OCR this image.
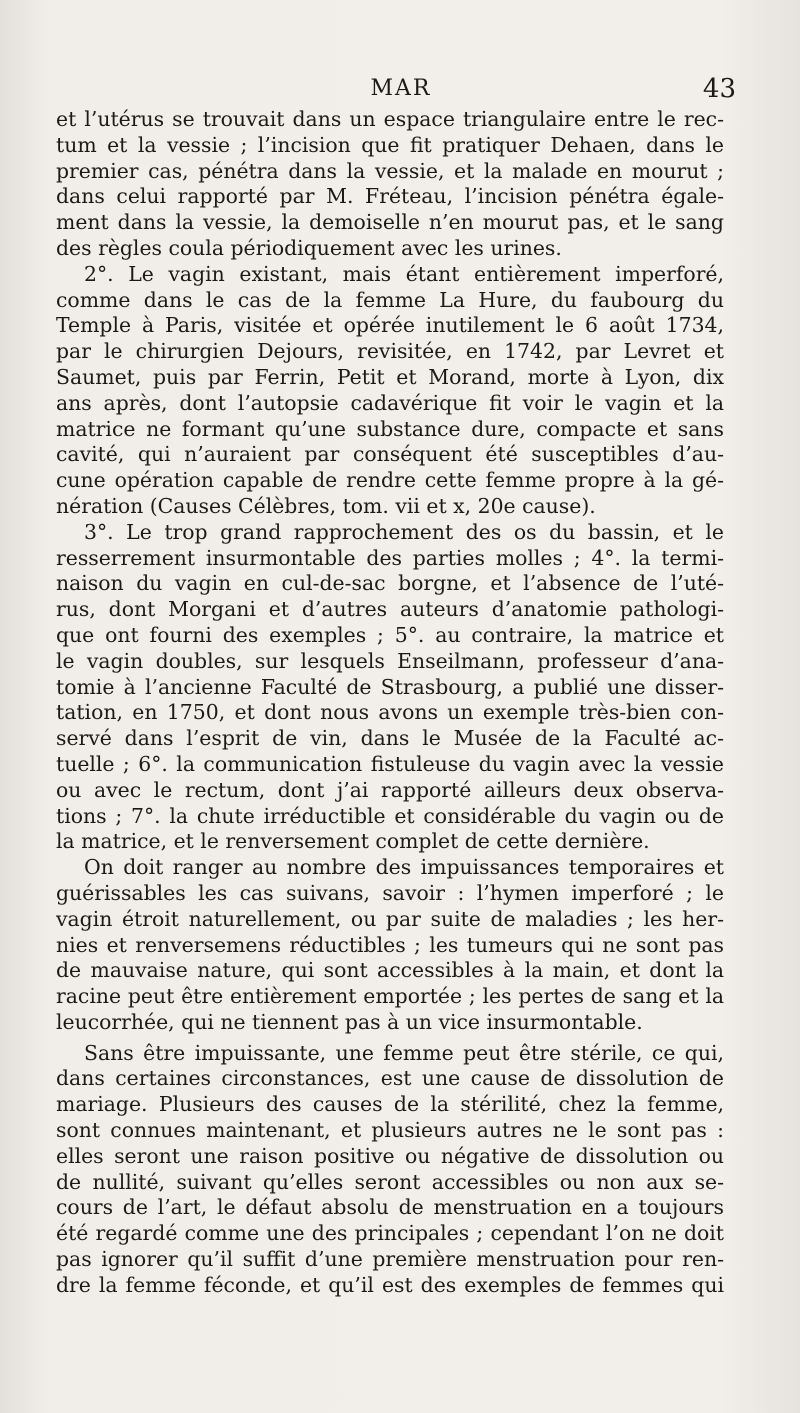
MAR	43
et l’utérus se trouvait dans un espace triangulaire entre le rec-
tum et la vessie ; l’incision que fit pratiquer Dehaen, dans le
premier cas, pénétra dans la vessie, et la malade en mourut ;
dans celui rapporté par M. Fréteau, l’incision pénétra égale-
ment dans la vessie, la demoiselle n’en mourut pas, et le sang
des règles coula périodiquement avec les urines.
2°. Le vagin existant, mais étant entièrement imperforé,
comme dans le cas de la femme La Hure, du faubourg du
Temple à Paris, visitée et opérée inutilement le 6 août 1734,
par le chirurgien Dejours, revisitée, en 1742, par Levret et
Saumet, puis par Ferrin, Petit et Morand, morte à Lyon, dix
ans après, dont l’autopsie cadavérique fit voir le vagin et la
matrice ne formant qu’une substance dure, compacte et sans
cavité, qui n’auraient par conséquent été susceptibles d’au-
cune opération capable de rendre cette femme propre à la gé-
nération (Causes Célèbres, tom. vii et x, 20e cause).
3°. Le trop grand rapprochement des os du bassin, et le
resserrement insurmontable des parties molles ; 4°. la termi-
naison du vagin en cul-de-sac borgne, et l’absence de l’uté-
rus, dont Morgani et d’autres auteurs d’anatomie pathologi-
que ont fourni des exemples ; 5°. au contraire, la matrice et
le vagin doubles, sur lesquels Enseilmann, professeur d’ana-
tomie à l’ancienne Faculté de Strasbourg, a publié une disser-
tation, en 1750, et dont nous avons un exemple très-bien con-
servé dans l’esprit de vin, dans le Musée de la Faculté ac-
tuelle ; 6°. la communication fistuleuse du vagin avec la vessie
ou avec le rectum, dont j’ai rapporté ailleurs deux observa-
tions ; 7°. la chute irréductible et considérable du vagin ou de
la matrice, et le renversement complet de cette dernière.
On doit ranger au nombre des impuissances temporaires et
guérissables les cas suivans, savoir : l’hymen imperforé ; le
vagin étroit naturellement, ou par suite de maladies ; les her-
nies et renversemens réductibles ; les tumeurs qui ne sont pas
de mauvaise nature, qui sont accessibles à la main, et dont la
racine peut être entièrement emportée ; les pertes de sang et la
leucorrhée, qui ne tiennent pas à un vice insurmontable.
Sans être impuissante, une femme peut être stérile, ce qui,
dans certaines circonstances, est une cause de dissolution de
mariage. Plusieurs des causes de la stérilité, chez la femme,
sont connues maintenant, et plusieurs autres ne le sont pas :
elles seront une raison positive ou négative de dissolution ou
de nullité, suivant qu’elles seront accessibles ou non aux se-
cours de l’art, le défaut absolu de menstruation en a toujours
été regardé comme une des principales ; cependant l’on ne doit
pas ignorer qu’il suffit d’une première menstruation pour ren-
dre la femme féconde, et qu’il est des exemples de femmes qui
